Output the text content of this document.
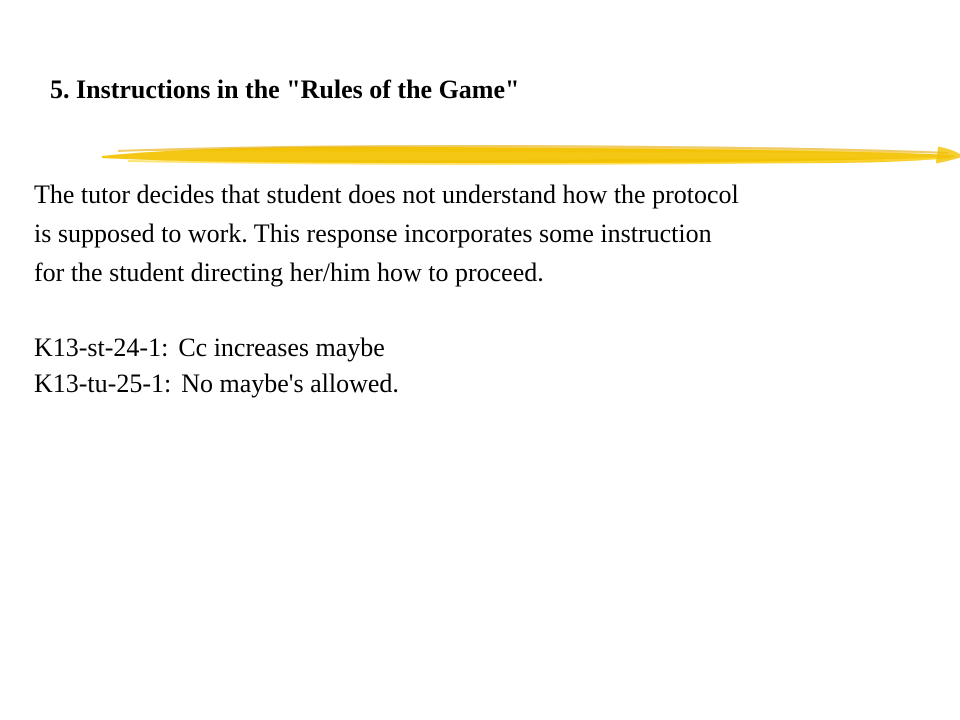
5. Instructions in the "Rules of the Game"

The tutor decides that student does not understand how the protocol
is supposed to work. This response incorporates some instruction
for the student directing her/him how to proceed.

K13-st-24-1: Cc increases maybe
K13-tu-25-1: No maybe's allowed.
